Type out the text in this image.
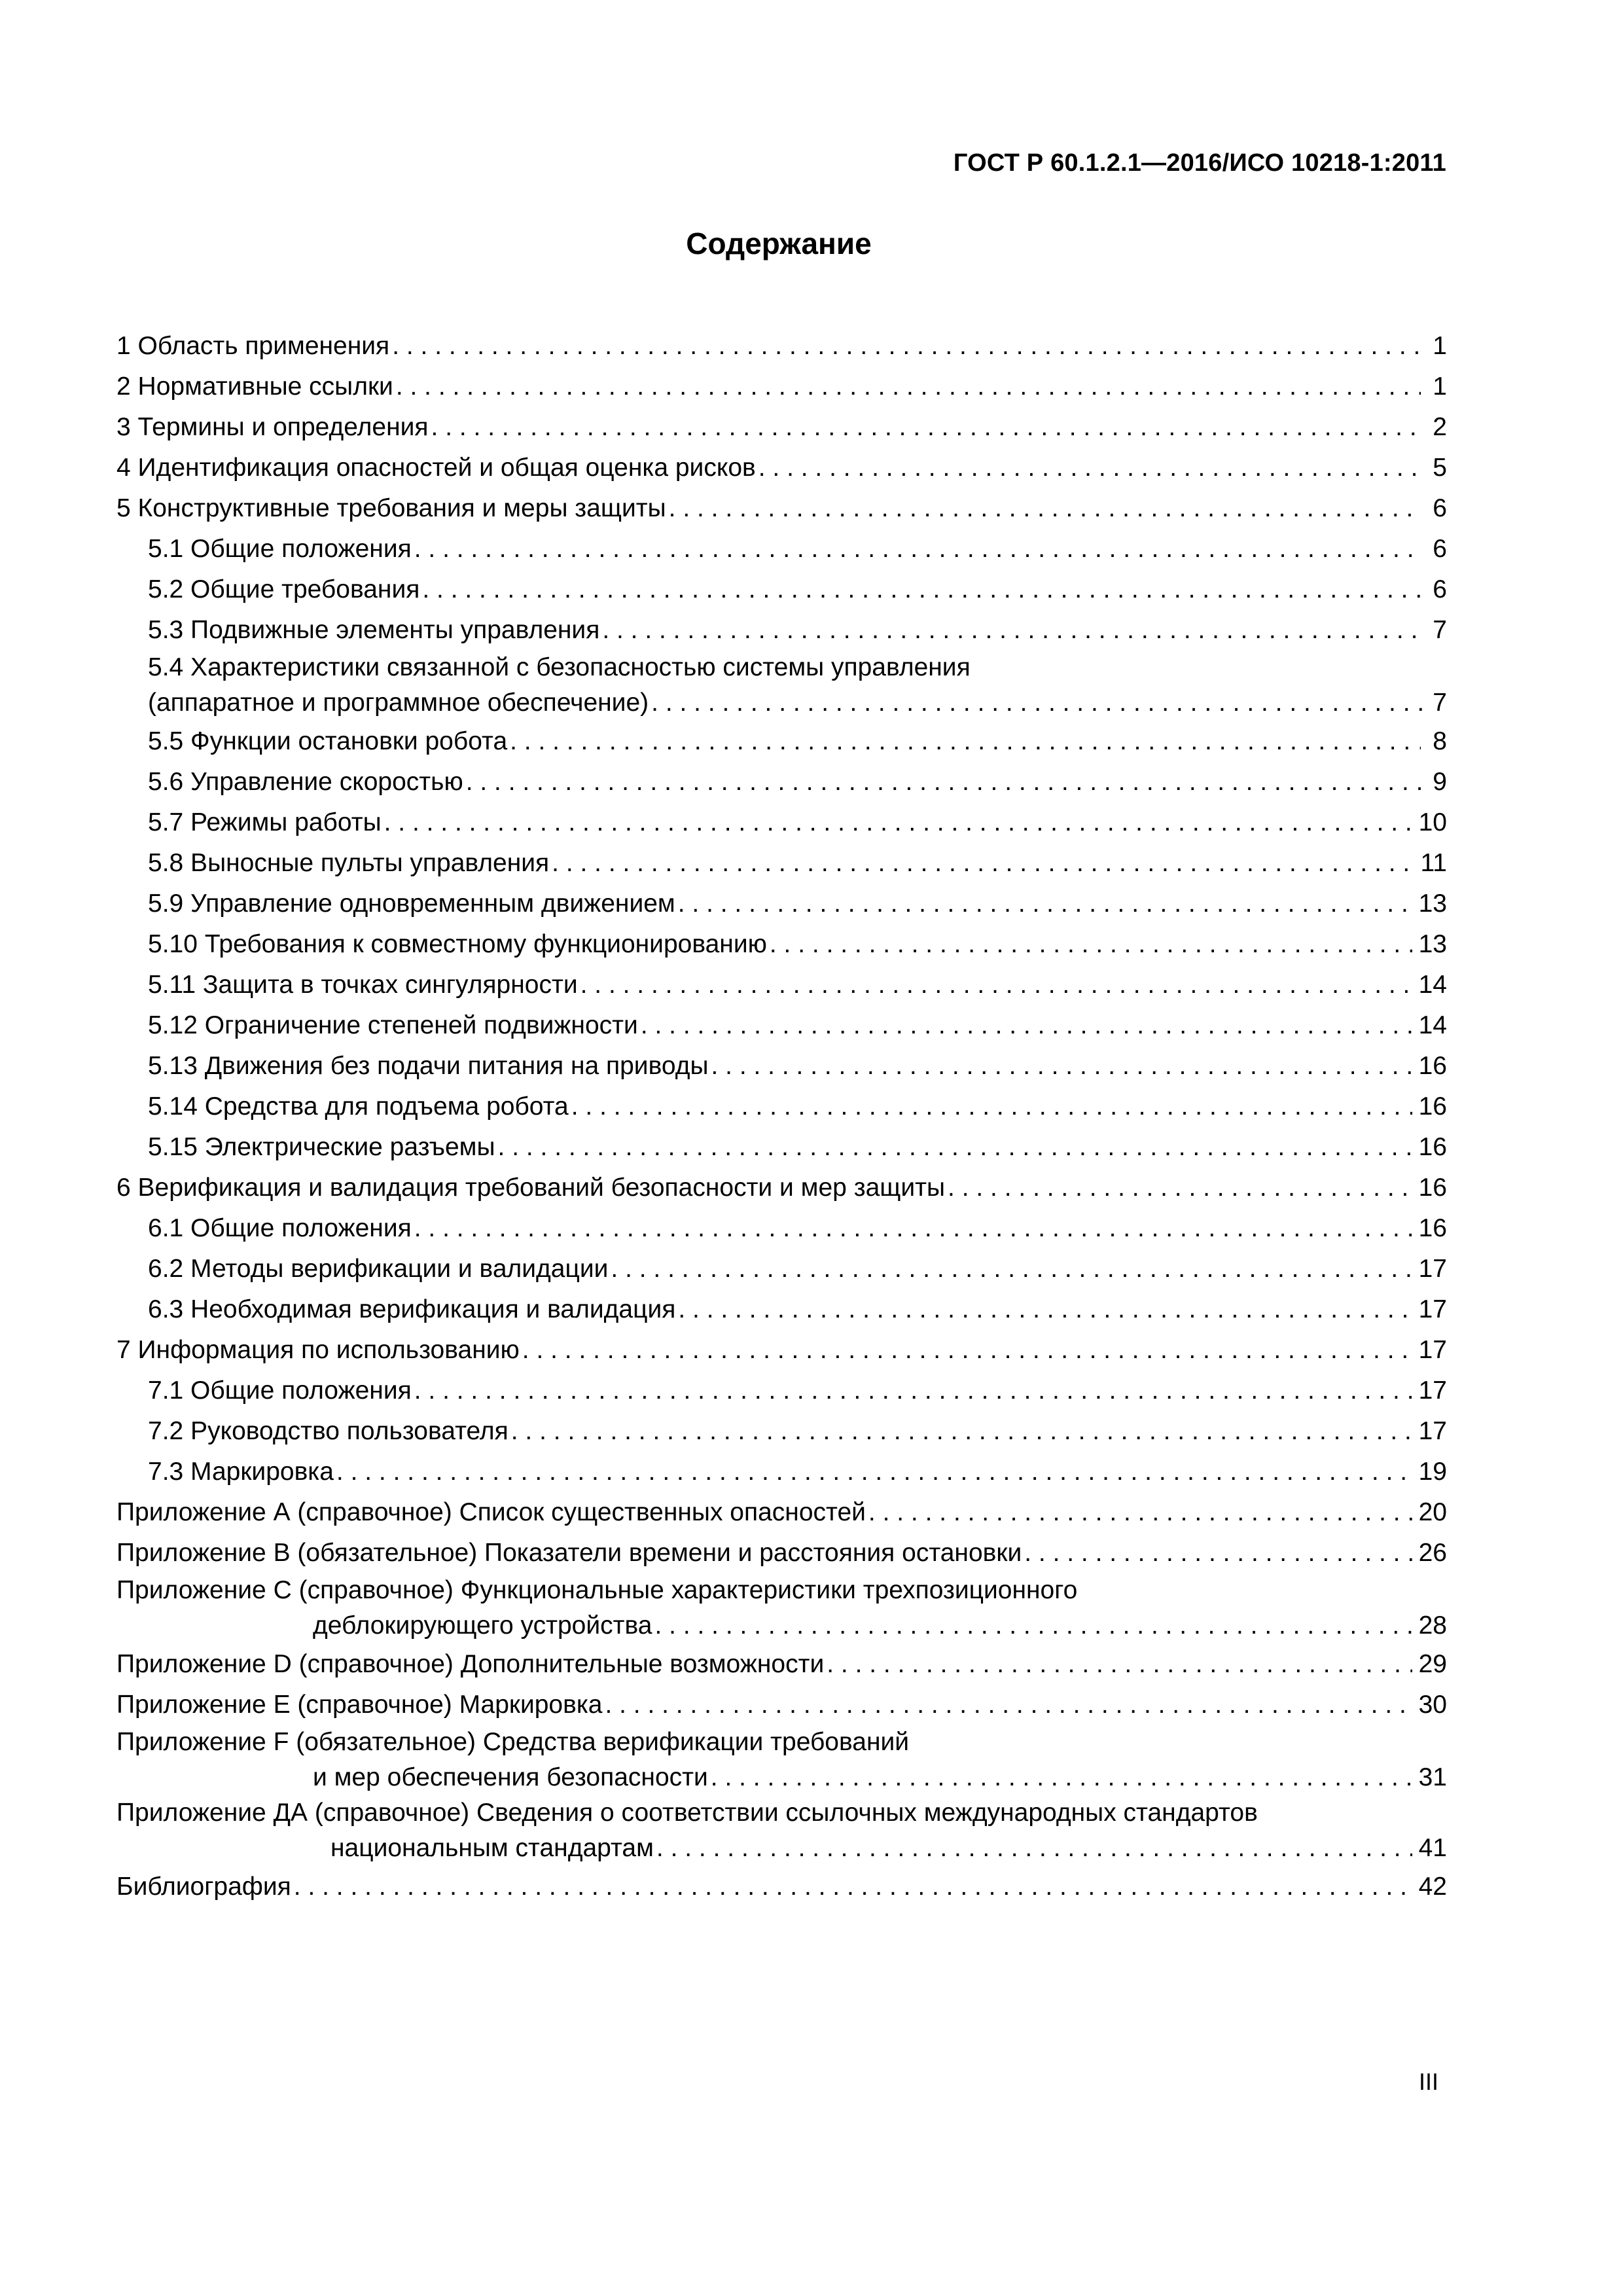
ГОСТ Р 60.1.2.1—2016/ИСО 10218-1:2011
Содержание
1 Область применения . . .	1
2 Нормативные ссылки . . .	1
3 Термины и определения . . .	2
4 Идентификация опасностей и общая оценка рисков . . .	5
5 Конструктивные требования и меры защиты . . .	6
5.1 Общие положения . . .	6
5.2 Общие требования . . .	6
5.3 Подвижные элементы управления . . .	7
5.4 Характеристики связанной с безопасностью системы управления
(аппаратное и программное обеспечение) . . .	7
5.5 Функции остановки робота . . .	8
5.6 Управление скоростью . . .	9
5.7 Режимы работы . . .	10
5.8 Выносные пульты управления . . .	11
5.9 Управление одновременным движением . . .	13
5.10 Требования к совместному функционированию . . .	13
5.11 Защита в точках сингулярности . . .	14
5.12 Ограничение степеней подвижности . . .	14
5.13 Движения без подачи питания на приводы . . .	16
5.14 Средства для подъема робота . . .	16
5.15 Электрические разъемы . . .	16
6 Верификация и валидация требований безопасности и мер защиты . . .	16
6.1 Общие положения . . .	16
6.2 Методы верификации и валидации . . .	17
6.3 Необходимая верификация и валидация . . .	17
7 Информация по использованию . . .	17
7.1 Общие положения . . .	17
7.2 Руководство пользователя . . .	17
7.3 Маркировка . . .	19
Приложение А (справочное) Список существенных опасностей . . .	20
Приложение В (обязательное) Показатели времени и расстояния остановки . . .	26
Приложение С (справочное) Функциональные характеристики трехпозиционного
деблокирующего устройства . . .	28
Приложение D (справочное) Дополнительные возможности . . .	29
Приложение Е (справочное) Маркировка . . .	30
Приложение F (обязательное) Средства верификации требований
и мер обеспечения безопасности . . .	31
Приложение ДА (справочное) Сведения о соответствии ссылочных международных стандартов
национальным стандартам . . .	41
Библиография . . .	42
III
